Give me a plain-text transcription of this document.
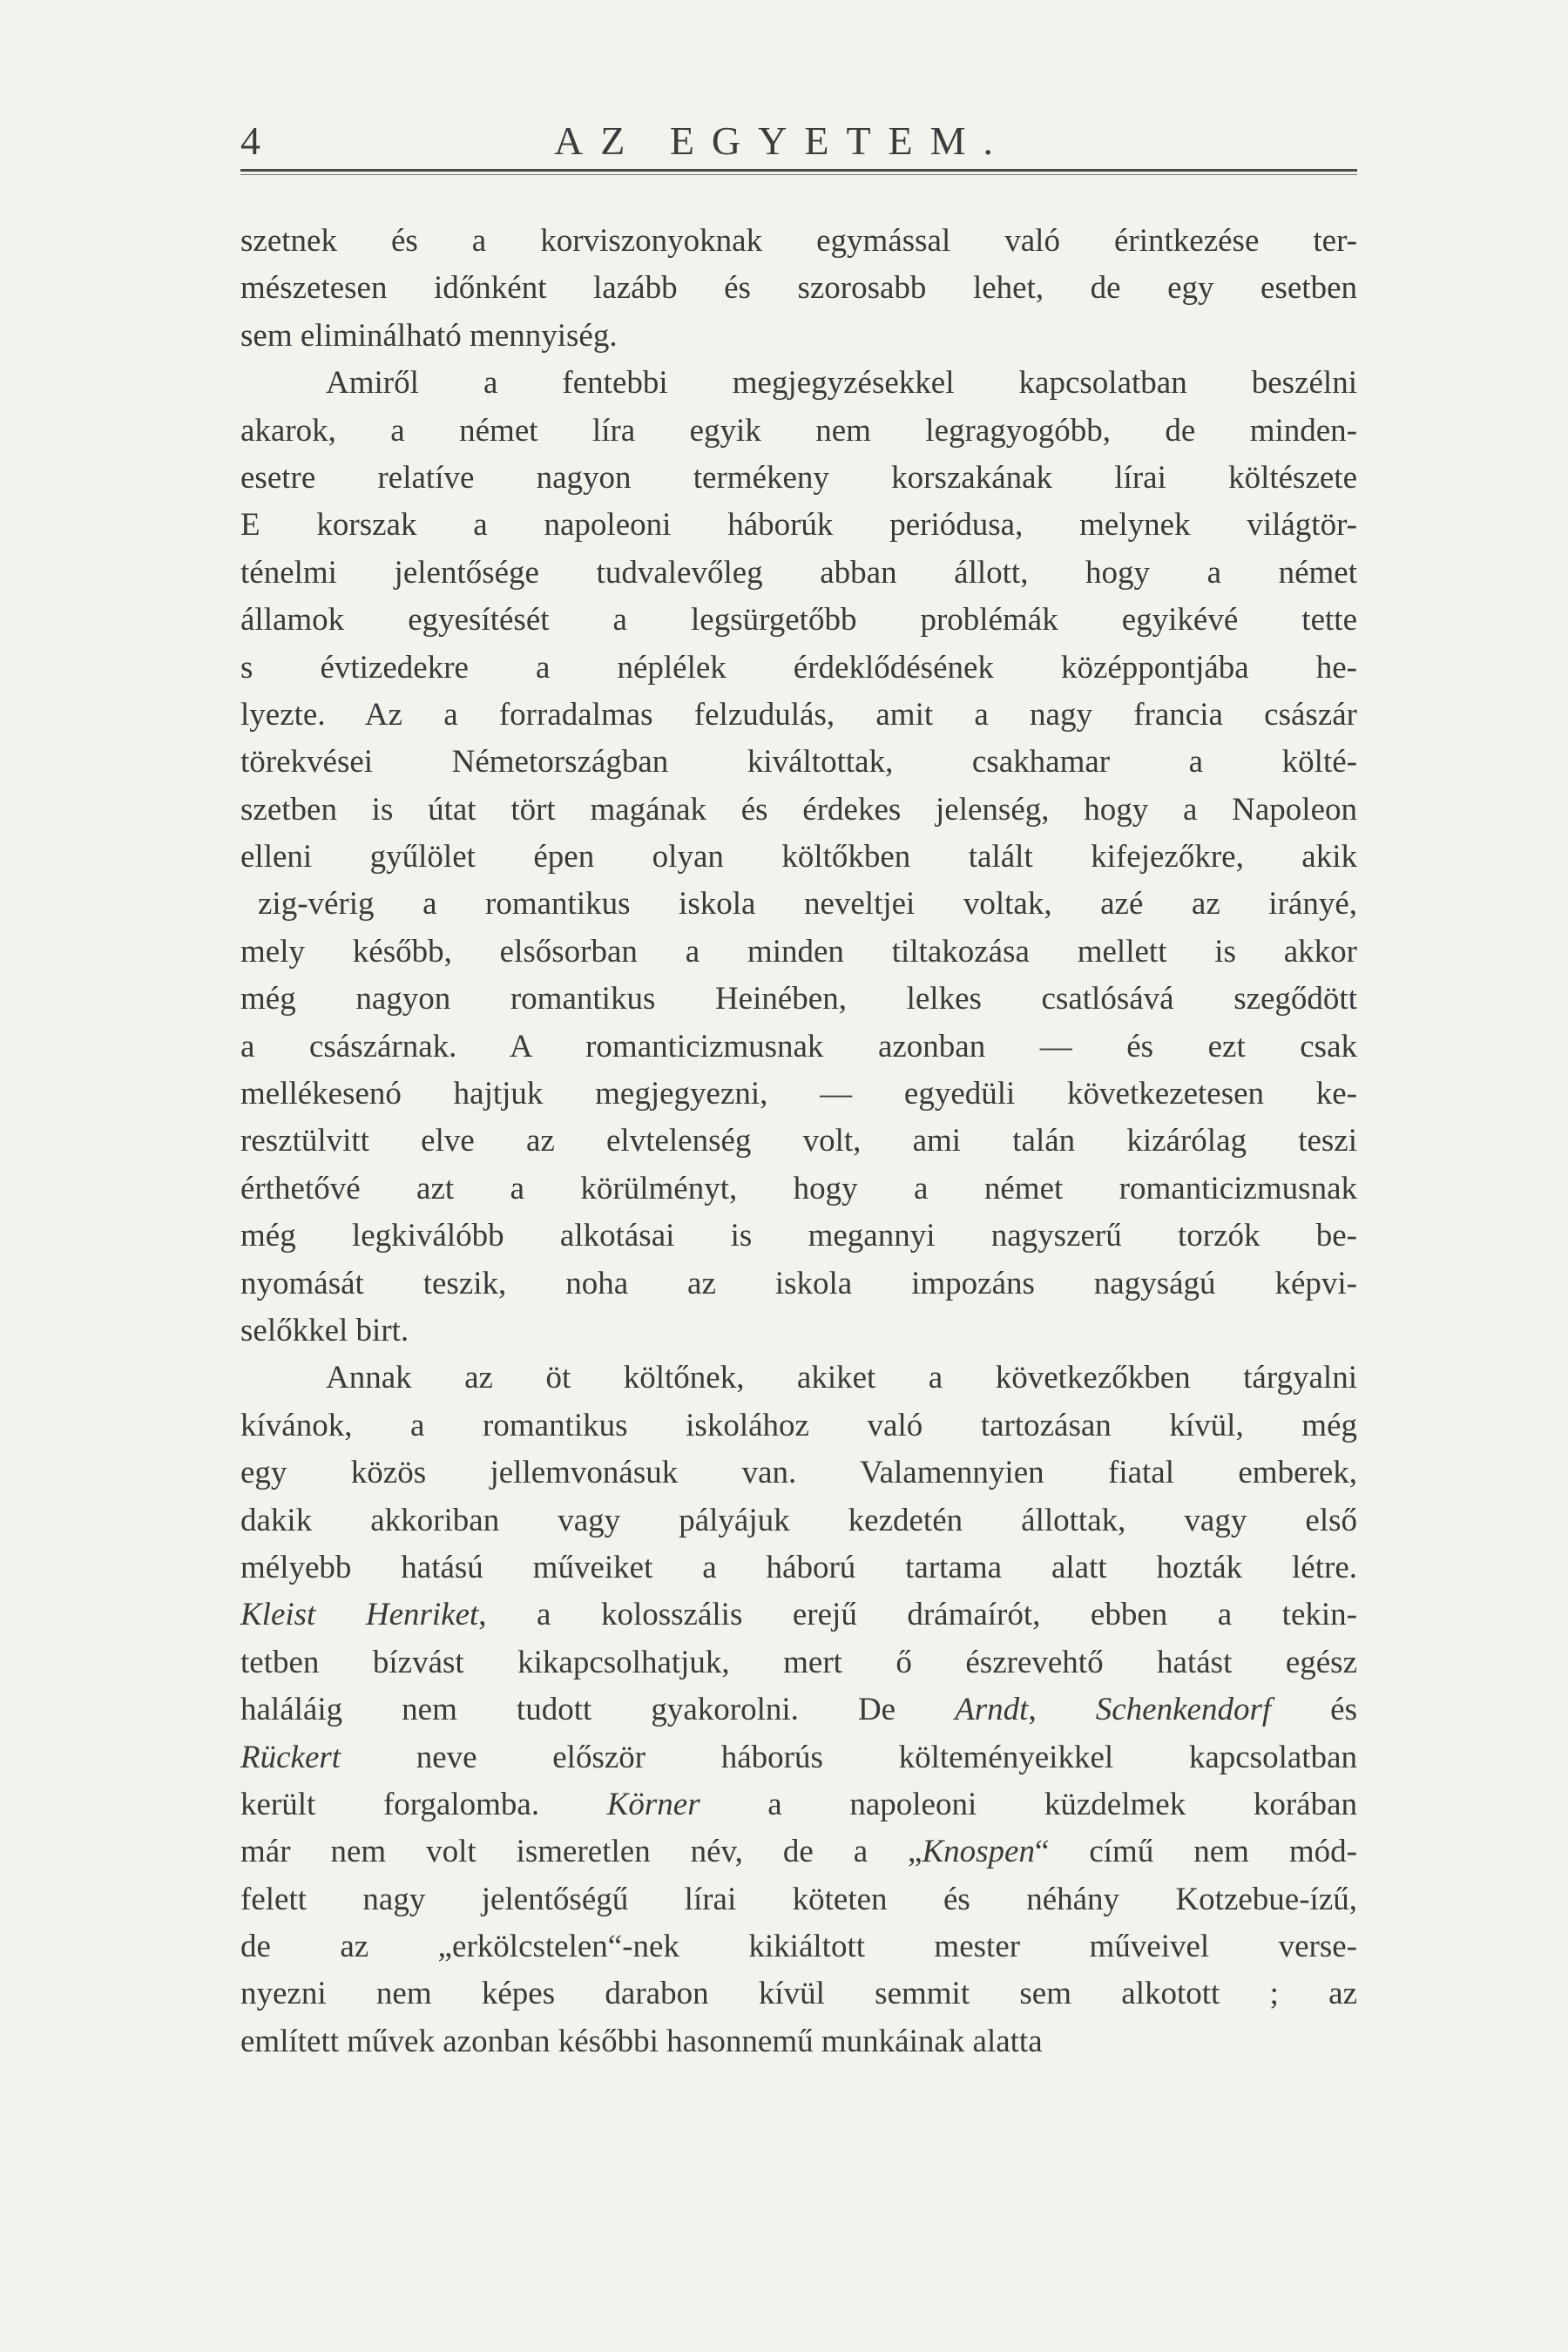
4	AZ EGYETEM.
szetnek és a korviszonyoknak egymással való érintkezése ter-
mészetesen időnként lazább és szorosabb lehet, de egy esetben
sem eliminálható mennyiség.
Amiről a fentebbi megjegyzésekkel kapcsolatban beszélni
akarok, a német líra egyik nem legragyogóbb, de minden-
esetre relatíve nagyon termékeny korszakának lírai költészete
E korszak a napoleoni háborúk periódusa, melynek világtör-
ténelmi jelentősége tudvalevőleg abban állott, hogy a német
államok egyesítését a legsürgetőbb problémák egyikévé tette
s évtizedekre a néplélek érdeklődésének középpontjába he-
lyezte. Az a forradalmas felzudulás, amit a nagy francia császár
törekvései Németországban kiváltottak, csakhamar a költé-
szetben is útat tört magának és érdekes jelenség, hogy a Napoleon
elleni gyűlölet épen olyan költőkben talált kifejezőkre, akik
zig-vérig a romantikus iskola neveltjei voltak, azé az irányé,
mely később, elsősorban a minden tiltakozása mellett is akkor
még nagyon romantikus Heinében, lelkes csatlósává szegődött
a császárnak. A romanticizmusnak azonban — és ezt csak
mellékesenó hajtjuk megjegyezni, — egyedüli következetesen ke-
resztülvitt elve az elvtelenség volt, ami talán kizárólag teszi
érthetővé azt a körülményt, hogy a német romanticizmusnak
még legkiválóbb alkotásai is megannyi nagyszerű torzók be-
nyomását teszik, noha az iskola impozáns nagyságú képvi-
selőkkel birt.
Annak az öt költőnek, akiket a következőkben tárgyalni
kívánok, a romantikus iskolához való tartozásan kívül, még
egy közös jellemvonásuk van. Valamennyien fiatal emberek,
dakik akkoriban vagy pályájuk kezdetén állottak, vagy első
mélyebb hatású műveiket a háború tartama alatt hozták létre.
Kleist Henriket, a kolosszális erejű drámaírót, ebben a tekin-
tetben bízvást kikapcsolhatjuk, mert ő észrevehtő hatást egész
haláláig nem tudott gyakorolni. De Arndt, Schenkendorf és
Rückert neve először háborús költeményeikkel kapcsolatban
került forgalomba. Körner a napoleoni küzdelmek korában
már nem volt ismeretlen név, de a „Knospen“ című nem mód-
felett nagy jelentőségű lírai köteten és néhány Kotzebue-ízű,
de az „erkölcstelen“-nek kikiáltott mester műveivel verse-
nyezni nem képes darabon kívül semmit sem alkotott ; az
említett művek azonban későbbi hasonnemű munkáinak alatta
